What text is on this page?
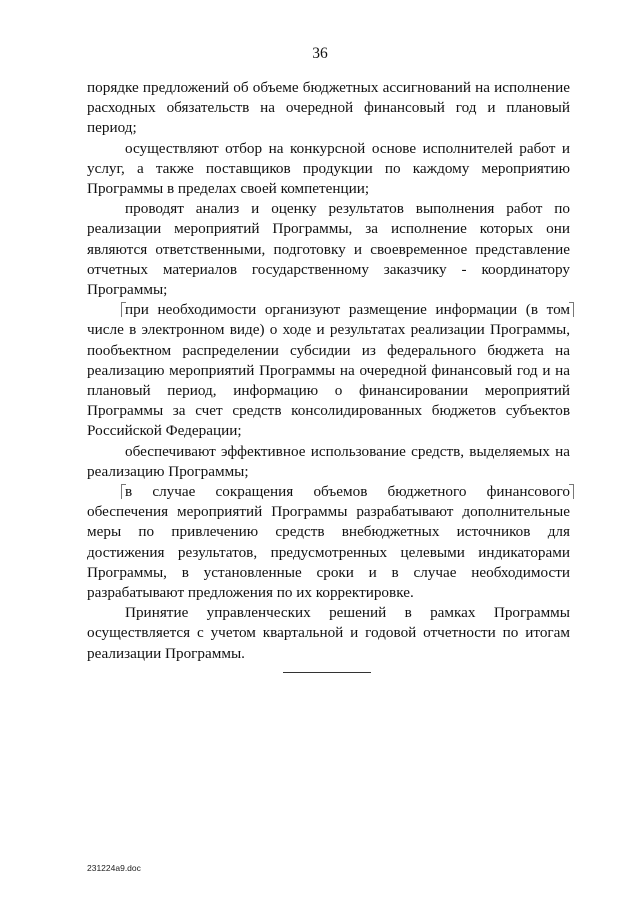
36

порядке предложений об объеме бюджетных ассигнований на исполнение расходных обязательств на очередной финансовый год и плановый период;

осуществляют отбор на конкурсной основе исполнителей работ и услуг, а также поставщиков продукции по каждому мероприятию Программы в пределах своей компетенции;

проводят анализ и оценку результатов выполнения работ по реализации мероприятий Программы, за исполнение которых они являются ответственными, подготовку и своевременное представление отчетных материалов государственному заказчику - координатору Программы;

при необходимости организуют размещение информации (в том числе в электронном виде) о ходе и результатах реализации Программы, пообъектном распределении субсидии из федерального бюджета на реализацию мероприятий Программы на очередной финансовый год и на плановый период, информацию о финансировании мероприятий Программы за счет средств консолидированных бюджетов субъектов Российской Федерации;

обеспечивают эффективное использование средств, выделяемых на реализацию Программы;

в случае сокращения объемов бюджетного финансового обеспечения мероприятий Программы разрабатывают дополнительные меры по привлечению средств внебюджетных источников для достижения результатов, предусмотренных целевыми индикаторами Программы, в установленные сроки и в случае необходимости разрабатывают предложения по их корректировке.

Принятие управленческих решений в рамках Программы осуществляется с учетом квартальной и годовой отчетности по итогам реализации Программы.

231224a9.doc
